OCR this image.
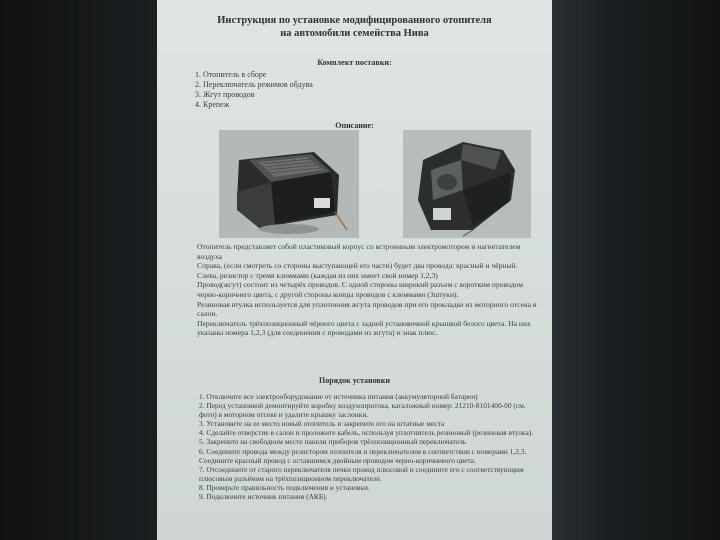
Инструкция по установке модифицированного отопителя
на автомобили семейства Нива
Комплект поставки:
1. Отопитель в сборе
2. Переключатель режимов обдува
3. Жгут проводов
4. Крепеж
Описание:

Отопитель представляет собой пластиковый корпус со встроенным электромотором и нагнетателем воздуха

Справа, (если смотреть со стороны выступающей его части) будет два провода: красный и чёрный.

Слева, резистор с тремя клеммами (каждая из них имеет свой номер 1,2,3)

Провод(жгут) состоит из четырёх проводов. С одной стороны широкий разъем с коротким проводом черно-коричнего цвета, с другой стороны концы проводов с клеммами (3штуки).

Резиновая втулка используется для уплотнения жгута проводов при его прокладке из моторного отсека в салон.

Переключатель трёхпозиционный чёрного цвета с задней установочной крышкой белого цвета. На них указаны номера 1,2,3 (для соединения с проводами из жгута) и знак плюс.

Порядок установки
1. Отключите все электрооборудование от источника питания (аккумуляторной батареи)
2. Перед установкой демонтируйте коробку воздухопритока, каталожный номер: 21210-8101400-00 (см. фото) в моторном отсеке и удалите крышку заслонки.
3. Установите на ее место новый отопитель и закрепите его на штатные места
4. Сделайте отверстие в салон и проложите кабель, используя уплотнитель резиновый (резиновая втулка).
5. Закрепите на свободном месте панели приборов трёхпозиционный переключатель
6. Соедините провода между резистором отопителя и переключателем в соответствии с номерами 1,2,3. Соедините красный провод с оставшимся двойным проводом черно-коричневого цвета.
7. Отсоедините от старого переключателя печки провод плюсовой и соедините его с соответствующим плюсовым разъёмом на трёхпозиционном переключателе.
8. Проверьте правильность подключения и установки.
9. Подключите источник питания (АКБ).
